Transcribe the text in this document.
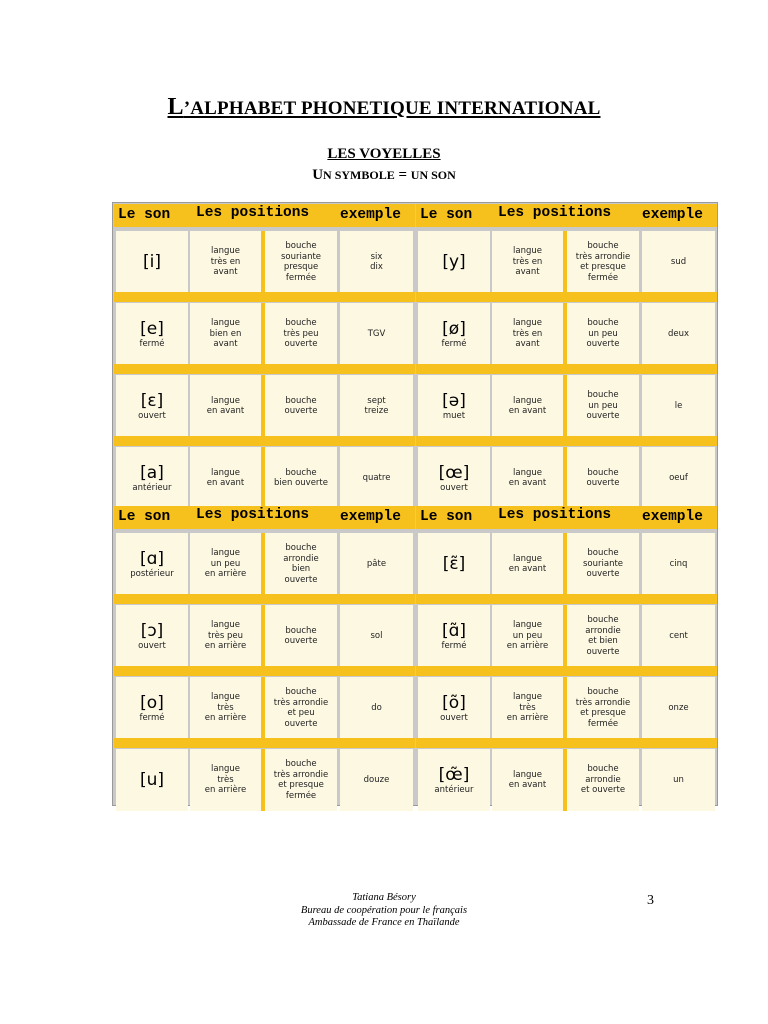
L’ALPHABET PHONETIQUE INTERNATIONAL
LES VOYELLES
UN SYMBOLE = UN SON
Le son Les positions exemple
[i]
langue
très en
avant
bouche
souriante
presque
fermée
six
dix
[e]
fermé
langue
bien en
avant
bouche
très peu
ouverte
TGV
[ɛ]
ouvert
langue
en avant
bouche
ouverte
sept
treize
[a]
antérieur
langue
en avant
bouche
bien ouverte
quatre
Le son Les positions exemple
[y]
langue
très en
avant
bouche
très arrondie
et presque
fermée
sud
[ø]
fermé
langue
très en
avant
bouche
un peu
ouverte
deux
[ə]
muet
langue
en avant
bouche
un peu
ouverte
le
[œ]
ouvert
langue
en avant
bouche
ouverte
oeuf
Le son Les positions exemple
[ɑ]
postérieur
langue
un peu
en arrière
bouche
arrondie
bien
ouverte
pâte
[ɔ]
ouvert
langue
très peu
en arrière
bouche
ouverte
sol
[o]
fermé
langue
très
en arrière
bouche
très arrondie
et peu
ouverte
do
[u]
langue
très
en arrière
bouche
très arrondie
et presque
fermée
douze
Le son Les positions exemple
[ɛ̃]	langue
en avant
bouche
souriante
ouverte
cinq
[ɑ̃]
fermé
langue
un peu
en arrière
bouche
arrondie
et bien
ouverte
cent
[õ]
ouvert
langue
très
en arrière
bouche
très arrondie
et presque
fermée
onze
[œ̃]
antérieur
langue
en avant
bouche
arrondie
et ouverte
un
Tatiana Bésory
Bureau de coopération pour le français
Ambassade de France en Thaïlande
3
